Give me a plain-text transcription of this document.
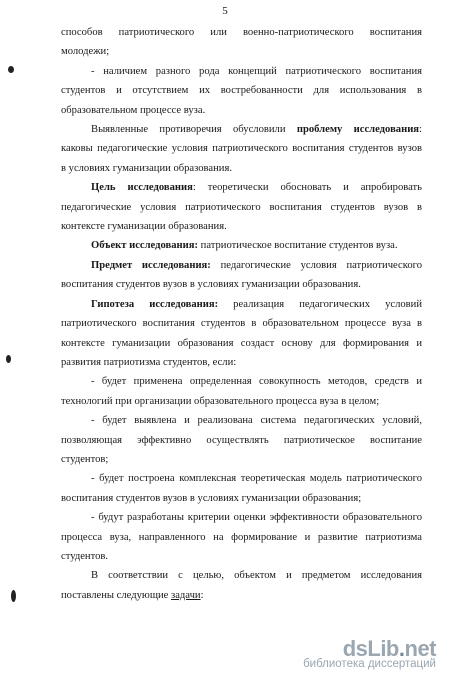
5

способов патриотического или военно-патриотического воспитания

молодежи;

- наличием разного рода концепций патриотического воспитания

студентов и отсутствием их востребованности для использования в

образовательном процессе вуза.

Выявленные противоречия обусловили проблему исследования:

каковы педагогические условия патриотического воспитания студентов вузов

в условиях гуманизации образования.

Цель исследования: теоретически обосновать и апробировать

педагогические условия патриотического воспитания студентов вузов в

контексте гуманизации образования.

Объект исследования: патриотическое воспитание студентов вуза.

Предмет исследования: педагогические условия патриотического

воспитания студентов вузов в условиях гуманизации образования.

Гипотеза исследования: реализация педагогических условий

патриотического воспитания студентов в образовательном процессе вуза в

контексте гуманизации образования создаст основу для формирования и

развития патриотизма студентов, если:

- будет применена определенная совокупность методов, средств и

технологий при организации образовательного процесса вуза в целом;

- будет выявлена и реализована система педагогических условий,

позволяющая эффективно осуществлять патриотическое воспитание

студентов;

- будет построена комплексная теоретическая модель патриотического

воспитания студентов вузов в условиях гуманизации образования;

- будут разработаны критерии оценки эффективности образовательного

процесса вуза, направленного на формирование и развитие патриотизма

студентов.

В соответствии с целью, объектом и предметом исследования

поставлены следующие задачи:

dsLib.net
библиотека диссертаций
